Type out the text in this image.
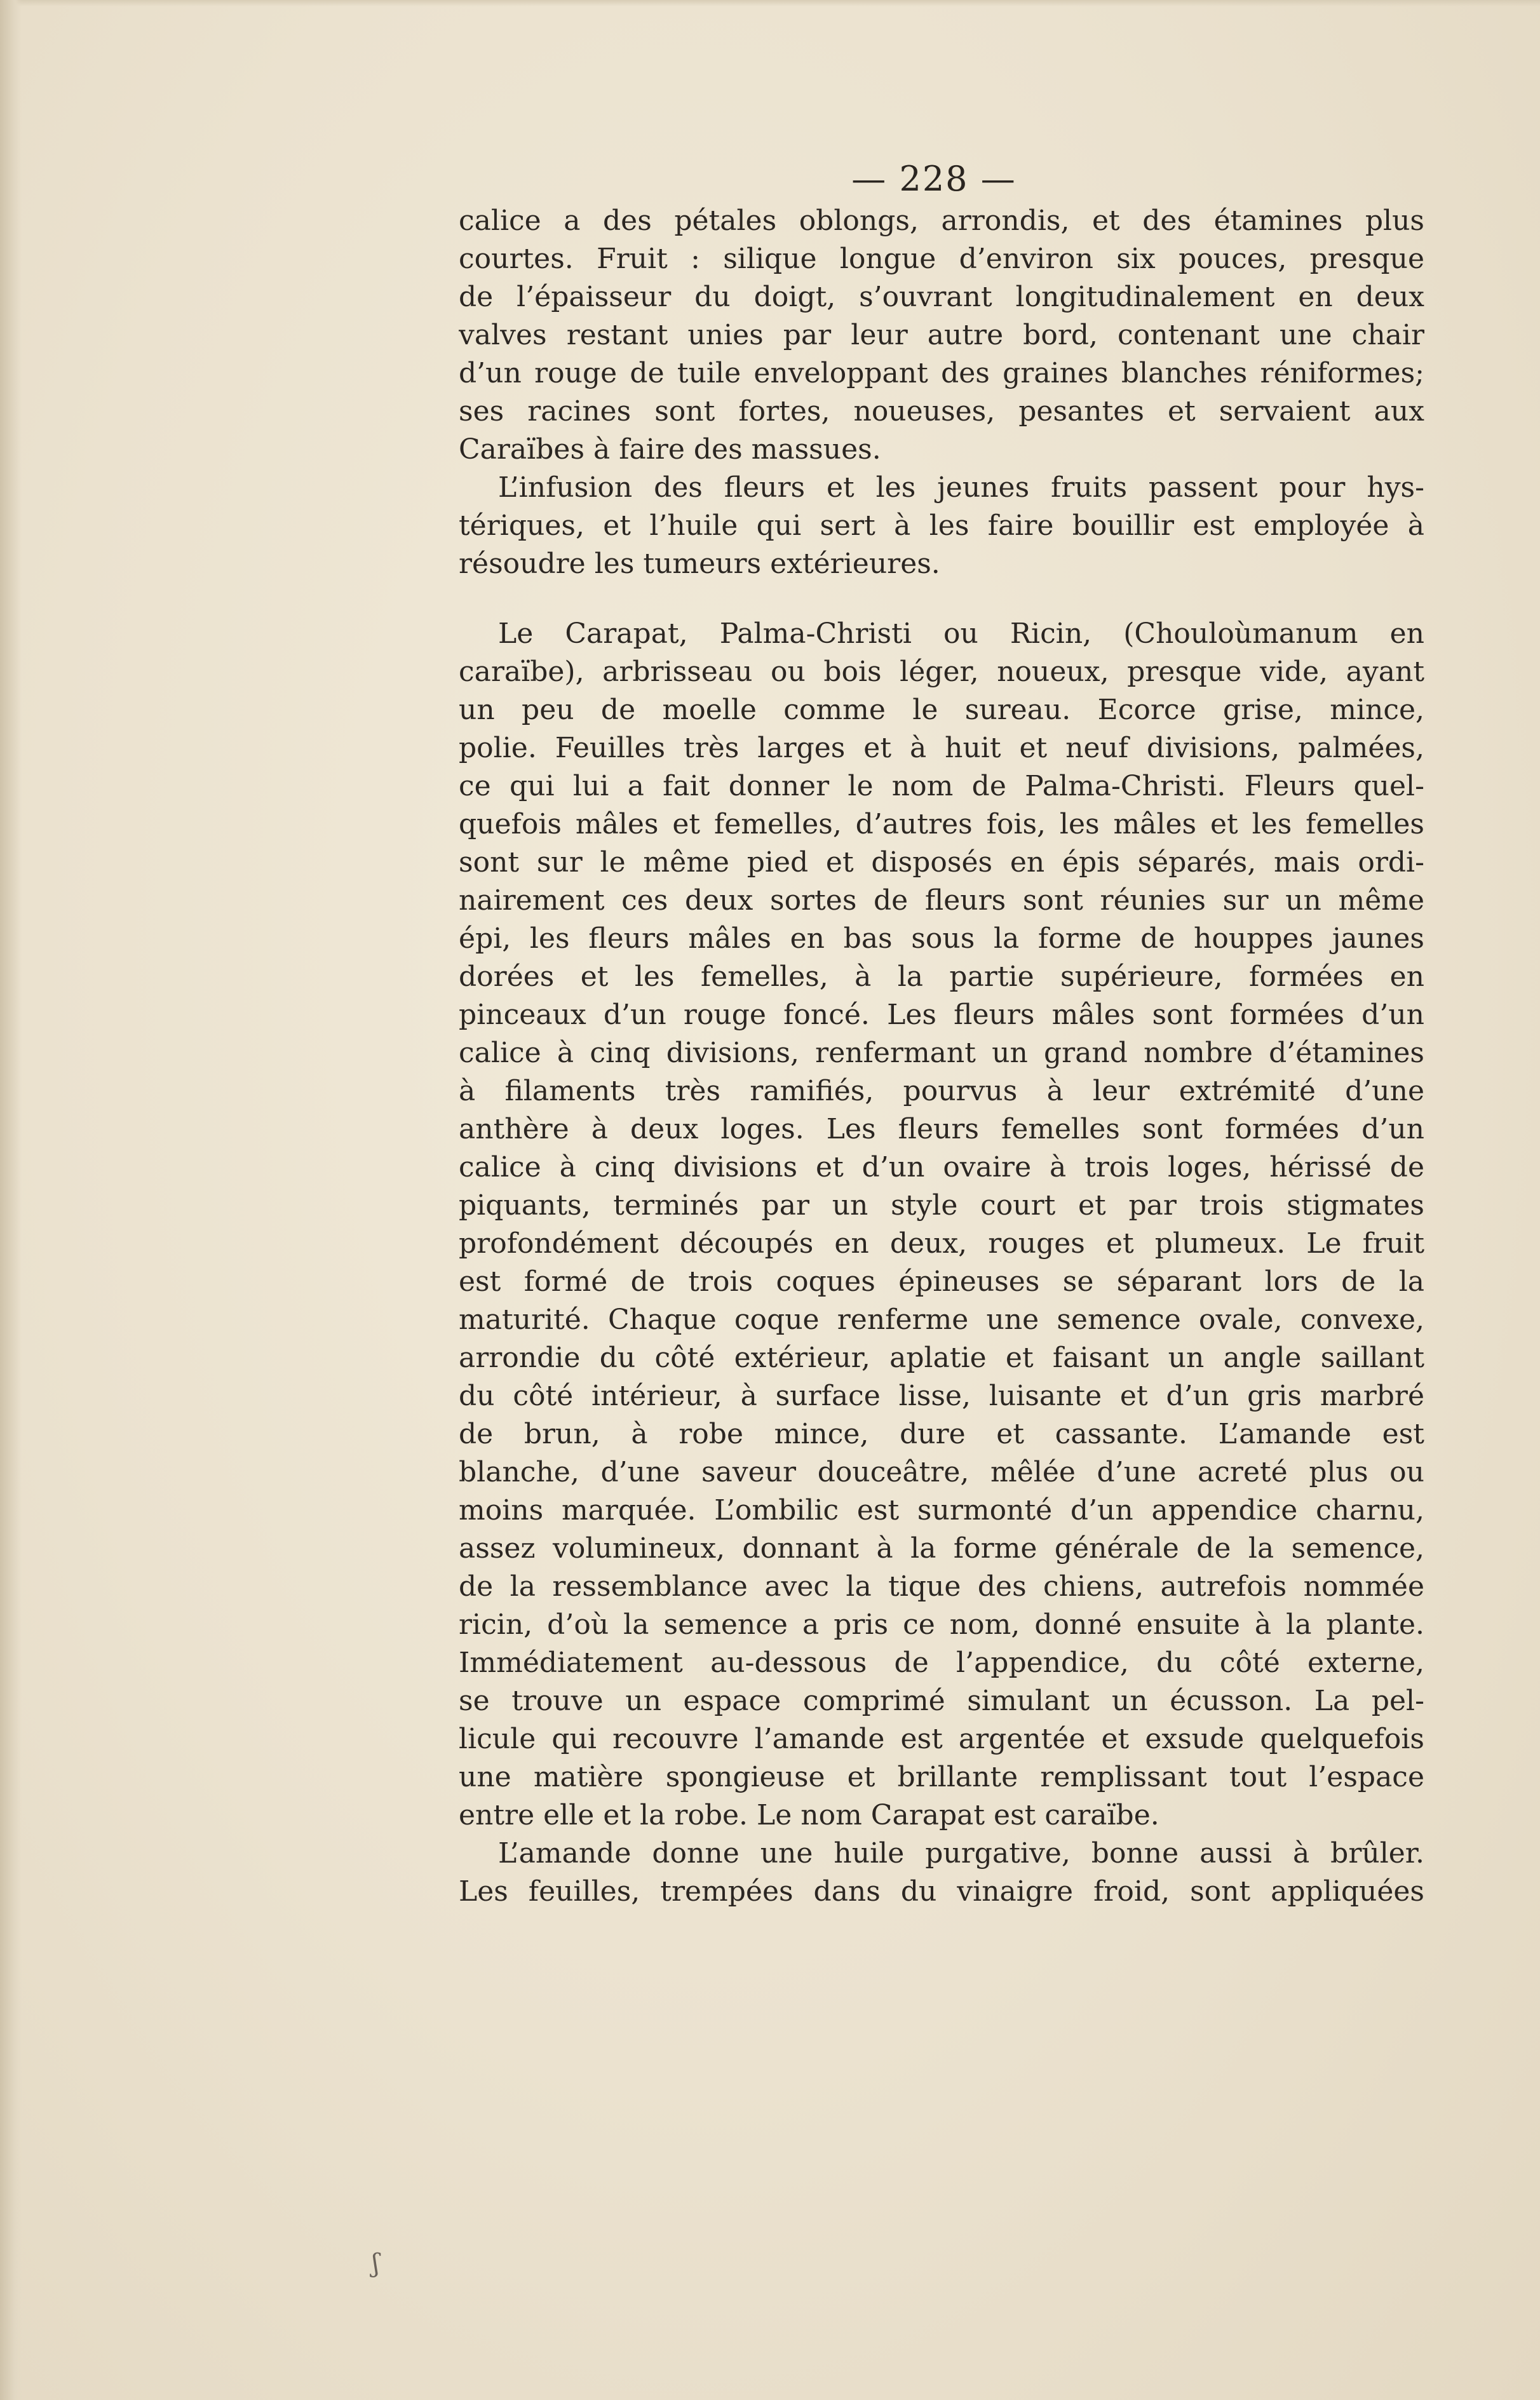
— 228 —
calice a des pétales oblongs, arrondis, et des étamines plus
courtes. Fruit : silique longue d’environ six pouces, presque
de l’épaisseur du doigt, s’ouvrant longitudinalement en deux
valves restant unies par leur autre bord, contenant une chair
d’un rouge de tuile enveloppant des graines blanches réniformes;
ses racines sont fortes, noueuses, pesantes et servaient aux
Caraïbes à faire des massues.
L’infusion des fleurs et les jeunes fruits passent pour hys-
tériques, et l’huile qui sert à les faire bouillir est employée à
résoudre les tumeurs extérieures.
Le Carapat, Palma-Christi ou Ricin, (Chouloùmanum en
caraïbe), arbrisseau ou bois léger, noueux, presque vide, ayant
un peu de moelle comme le sureau. Ecorce grise, mince,
polie. Feuilles très larges et à huit et neuf divisions, palmées,
ce qui lui a fait donner le nom de Palma-Christi. Fleurs quel-
quefois mâles et femelles, d’autres fois, les mâles et les femelles
sont sur le même pied et disposés en épis séparés, mais ordi-
nairement ces deux sortes de fleurs sont réunies sur un même
épi, les fleurs mâles en bas sous la forme de houppes jaunes
dorées et les femelles, à la partie supérieure, formées en
pinceaux d’un rouge foncé. Les fleurs mâles sont formées d’un
calice à cinq divisions, renfermant un grand nombre d’étamines
à filaments très ramifiés, pourvus à leur extrémité d’une
anthère à deux loges. Les fleurs femelles sont formées d’un
calice à cinq divisions et d’un ovaire à trois loges, hérissé de
piquants, terminés par un style court et par trois stigmates
profondément découpés en deux, rouges et plumeux. Le fruit
est formé de trois coques épineuses se séparant lors de la
maturité. Chaque coque renferme une semence ovale, convexe,
arrondie du côté extérieur, aplatie et faisant un angle saillant
du côté intérieur, à surface lisse, luisante et d’un gris marbré
de brun, à robe mince, dure et cassante. L’amande est
blanche, d’une saveur douceâtre, mêlée d’une acreté plus ou
moins marquée. L’ombilic est surmonté d’un appendice charnu,
assez volumineux, donnant à la forme générale de la semence,
de la ressemblance avec la tique des chiens, autrefois nommée
ricin, d’où la semence a pris ce nom, donné ensuite à la plante.
Immédiatement au-dessous de l’appendice, du côté externe,
se trouve un espace comprimé simulant un écusson. La pel-
licule qui recouvre l’amande est argentée et exsude quelquefois
une matière spongieuse et brillante remplissant tout l’espace
entre elle et la robe. Le nom Carapat est caraïbe.
L’amande donne une huile purgative, bonne aussi à brûler.
Les feuilles, trempées dans du vinaigre froid, sont appliquées
ʃ
